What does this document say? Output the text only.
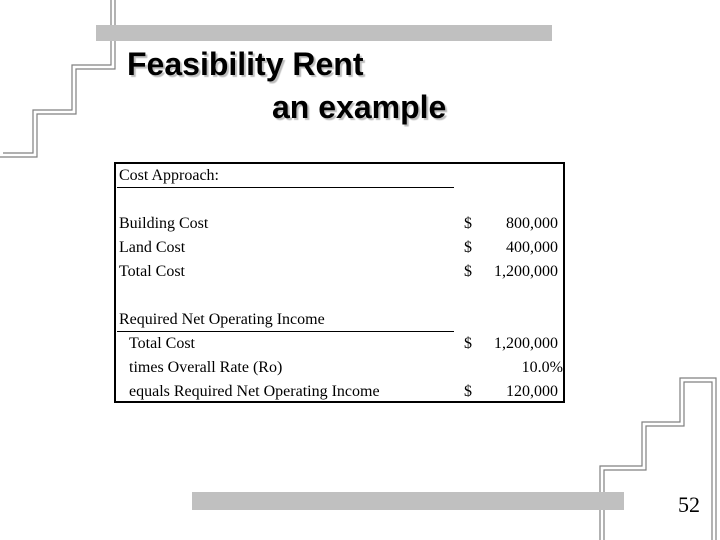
Feasibility Rent
an example
Cost Approach:
Building Cost	$ 800,000
Land Cost	$ 400,000
Total Cost	$ 1,200,000
Required Net Operating Income
Total Cost	$ 1,200,000
times Overall Rate (Ro)	10.0%
equals Required Net Operating Income	$ 120,000
52
